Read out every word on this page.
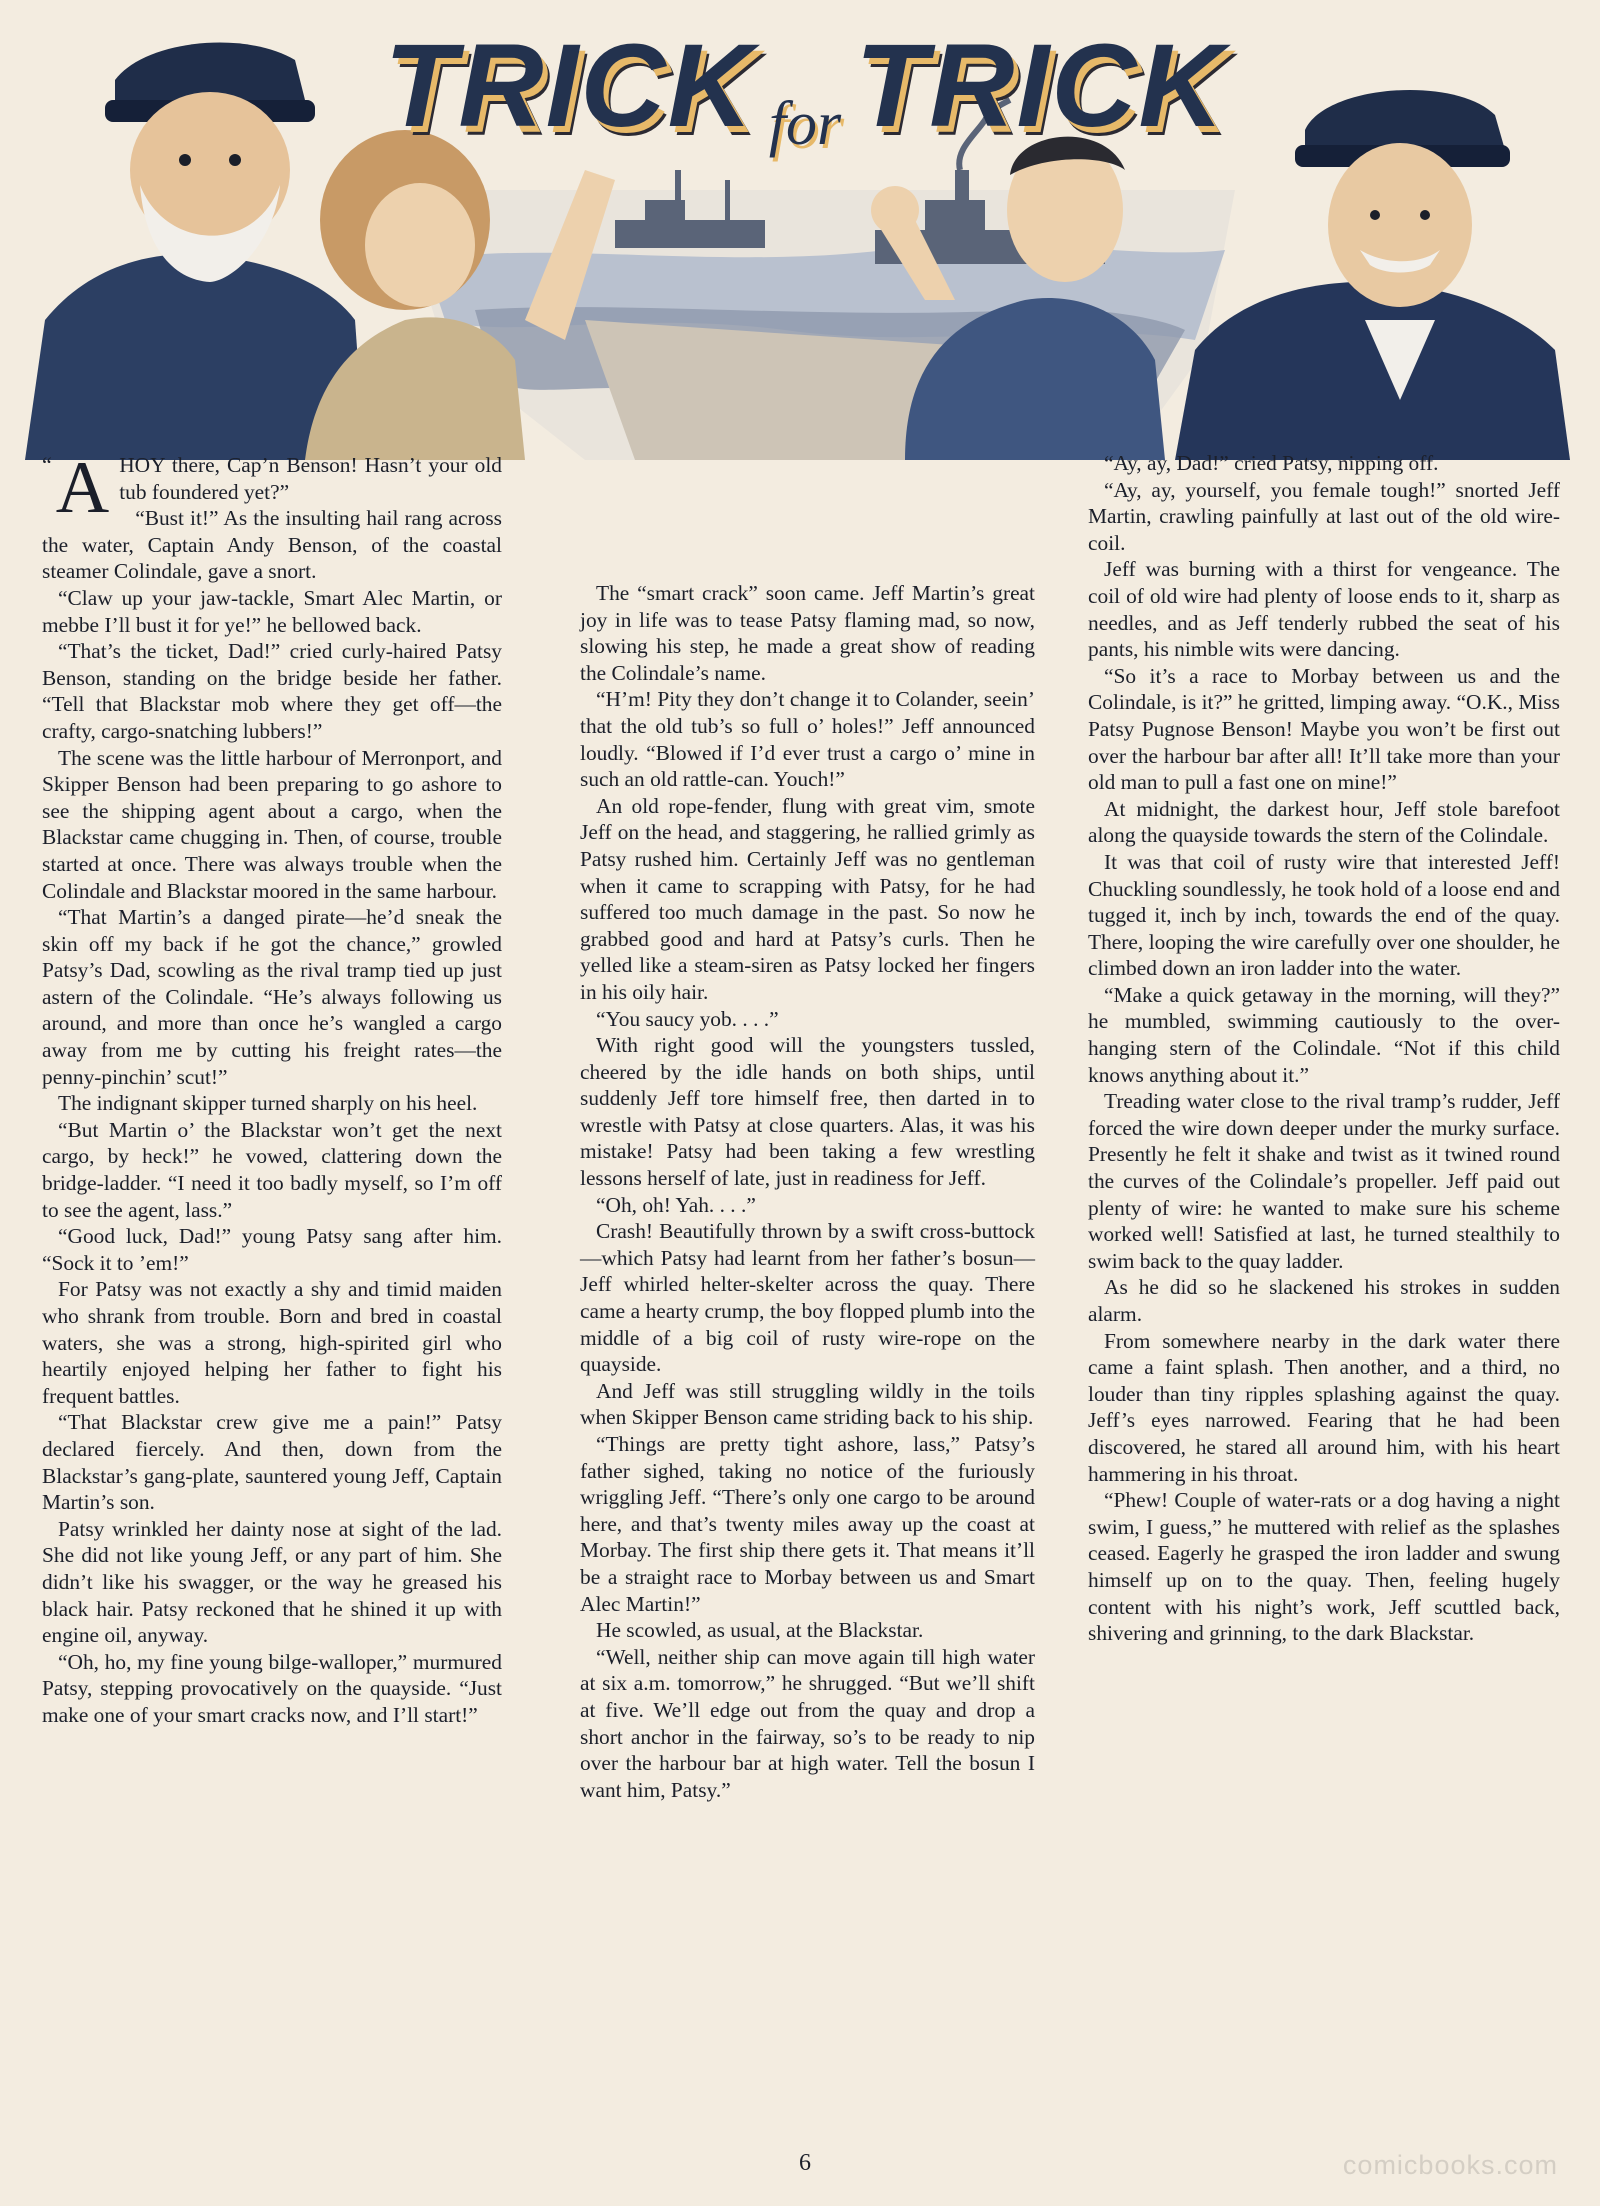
TRICK for TRICK

“ A HOY there, Cap’n Benson! Hasn’t your old tub foundered yet?”

“Bust it!” As the insulting hail rang across the water, Captain Andy Benson, of the coastal steamer Colindale, gave a snort.

“Claw up your jaw-tackle, Smart Alec Martin, or mebbe I’ll bust it for ye!” he bellowed back.

“That’s the ticket, Dad!” cried curly-haired Patsy Benson, standing on the bridge beside her father. “Tell that Blackstar mob where they get off—the crafty, cargo-snatching lubbers!”

The scene was the little harbour of Merronport, and Skipper Benson had been preparing to go ashore to see the shipping agent about a cargo, when the Blackstar came chugging in. Then, of course, trouble started at once. There was always trouble when the Colindale and Blackstar moored in the same harbour.

“That Martin’s a danged pirate—he’d sneak the skin off my back if he got the chance,” growled Patsy’s Dad, scowling as the rival tramp tied up just astern of the Colindale. “He’s always following us around, and more than once he’s wangled a cargo away from me by cutting his freight rates—the penny-pinchin’ scut!”

The indignant skipper turned sharply on his heel.

“But Martin o’ the Blackstar won’t get the next cargo, by heck!” he vowed, clattering down the bridge-ladder. “I need it too badly myself, so I’m off to see the agent, lass.”

“Good luck, Dad!” young Patsy sang after him. “Sock it to ’em!”

For Patsy was not exactly a shy and timid maiden who shrank from trouble. Born and bred in coastal waters, she was a strong, high-spirited girl who heartily enjoyed helping her father to fight his frequent battles.

“That Blackstar crew give me a pain!” Patsy declared fiercely. And then, down from the Blackstar’s gang-plate, sauntered young Jeff, Captain Martin’s son.

Patsy wrinkled her dainty nose at sight of the lad. She did not like young Jeff, or any part of him. She didn’t like his swagger, or the way he greased his black hair. Patsy reckoned that he shined it up with engine oil, anyway.

“Oh, ho, my fine young bilge-walloper,” murmured Patsy, stepping provocatively on the quayside. “Just make one of your smart cracks now, and I’ll start!”

The “smart crack” soon came. Jeff Martin’s great joy in life was to tease Patsy flaming mad, so now, slowing his step, he made a great show of reading the Colindale’s name.

“H’m! Pity they don’t change it to Colander, seein’ that the old tub’s so full o’ holes!” Jeff announced loudly. “Blowed if I’d ever trust a cargo o’ mine in such an old rattle-can. Youch!”

An old rope-fender, flung with great vim, smote Jeff on the head, and staggering, he rallied grimly as Patsy rushed him. Certainly Jeff was no gentleman when it came to scrapping with Patsy, for he had suffered too much damage in the past. So now he grabbed good and hard at Patsy’s curls. Then he yelled like a steam-siren as Patsy locked her fingers in his oily hair.

“You saucy yob. . . .”

With right good will the youngsters tussled, cheered by the idle hands on both ships, until suddenly Jeff tore himself free, then darted in to wrestle with Patsy at close quarters. Alas, it was his mistake! Patsy had been taking a few wrestling lessons herself of late, just in readiness for Jeff.

“Oh, oh! Yah. . . .”

Crash! Beautifully thrown by a swift cross-buttock—which Patsy had learnt from her father’s bosun—Jeff whirled helter-skelter across the quay. There came a hearty crump, the boy flopped plumb into the middle of a big coil of rusty wire-rope on the quayside.

And Jeff was still struggling wildly in the toils when Skipper Benson came striding back to his ship.

“Things are pretty tight ashore, lass,” Patsy’s father sighed, taking no notice of the furiously wriggling Jeff. “There’s only one cargo to be around here, and that’s twenty miles away up the coast at Morbay. The first ship there gets it. That means it’ll be a straight race to Morbay between us and Smart Alec Martin!”

He scowled, as usual, at the Blackstar.

“Well, neither ship can move again till high water at six a.m. tomorrow,” he shrugged. “But we’ll shift at five. We’ll edge out from the quay and drop a short anchor in the fairway, so’s to be ready to nip over the harbour bar at high water. Tell the bosun I want him, Patsy.”

“Ay, ay, Dad!” cried Patsy, nipping off.

“Ay, ay, yourself, you female tough!” snorted Jeff Martin, crawling painfully at last out of the old wire-coil.

Jeff was burning with a thirst for vengeance. The coil of old wire had plenty of loose ends to it, sharp as needles, and as Jeff tenderly rubbed the seat of his pants, his nimble wits were dancing.

“So it’s a race to Morbay between us and the Colindale, is it?” he gritted, limping away. “O.K., Miss Patsy Pugnose Benson! Maybe you won’t be first out over the harbour bar after all! It’ll take more than your old man to pull a fast one on mine!”

At midnight, the darkest hour, Jeff stole barefoot along the quayside towards the stern of the Colindale.

It was that coil of rusty wire that interested Jeff! Chuckling soundlessly, he took hold of a loose end and tugged it, inch by inch, towards the end of the quay. There, looping the wire carefully over one shoulder, he climbed down an iron ladder into the water.

“Make a quick getaway in the morning, will they?” he mumbled, swimming cautiously to the over-hanging stern of the Colindale. “Not if this child knows anything about it.”

Treading water close to the rival tramp’s rudder, Jeff forced the wire down deeper under the murky surface. Presently he felt it shake and twist as it twined round the curves of the Colindale’s propeller. Jeff paid out plenty of wire: he wanted to make sure his scheme worked well! Satisfied at last, he turned stealthily to swim back to the quay ladder.

As he did so he slackened his strokes in sudden alarm.

From somewhere nearby in the dark water there came a faint splash. Then another, and a third, no louder than tiny ripples splashing against the quay. Jeff’s eyes narrowed. Fearing that he had been discovered, he stared all around him, with his heart hammering in his throat.

“Phew! Couple of water-rats or a dog having a night swim, I guess,” he muttered with relief as the splashes ceased. Eagerly he grasped the iron ladder and swung himself up on to the quay. Then, feeling hugely content with his night’s work, Jeff scuttled back, shivering and grinning, to the dark Blackstar.

6	comicbooks.com
